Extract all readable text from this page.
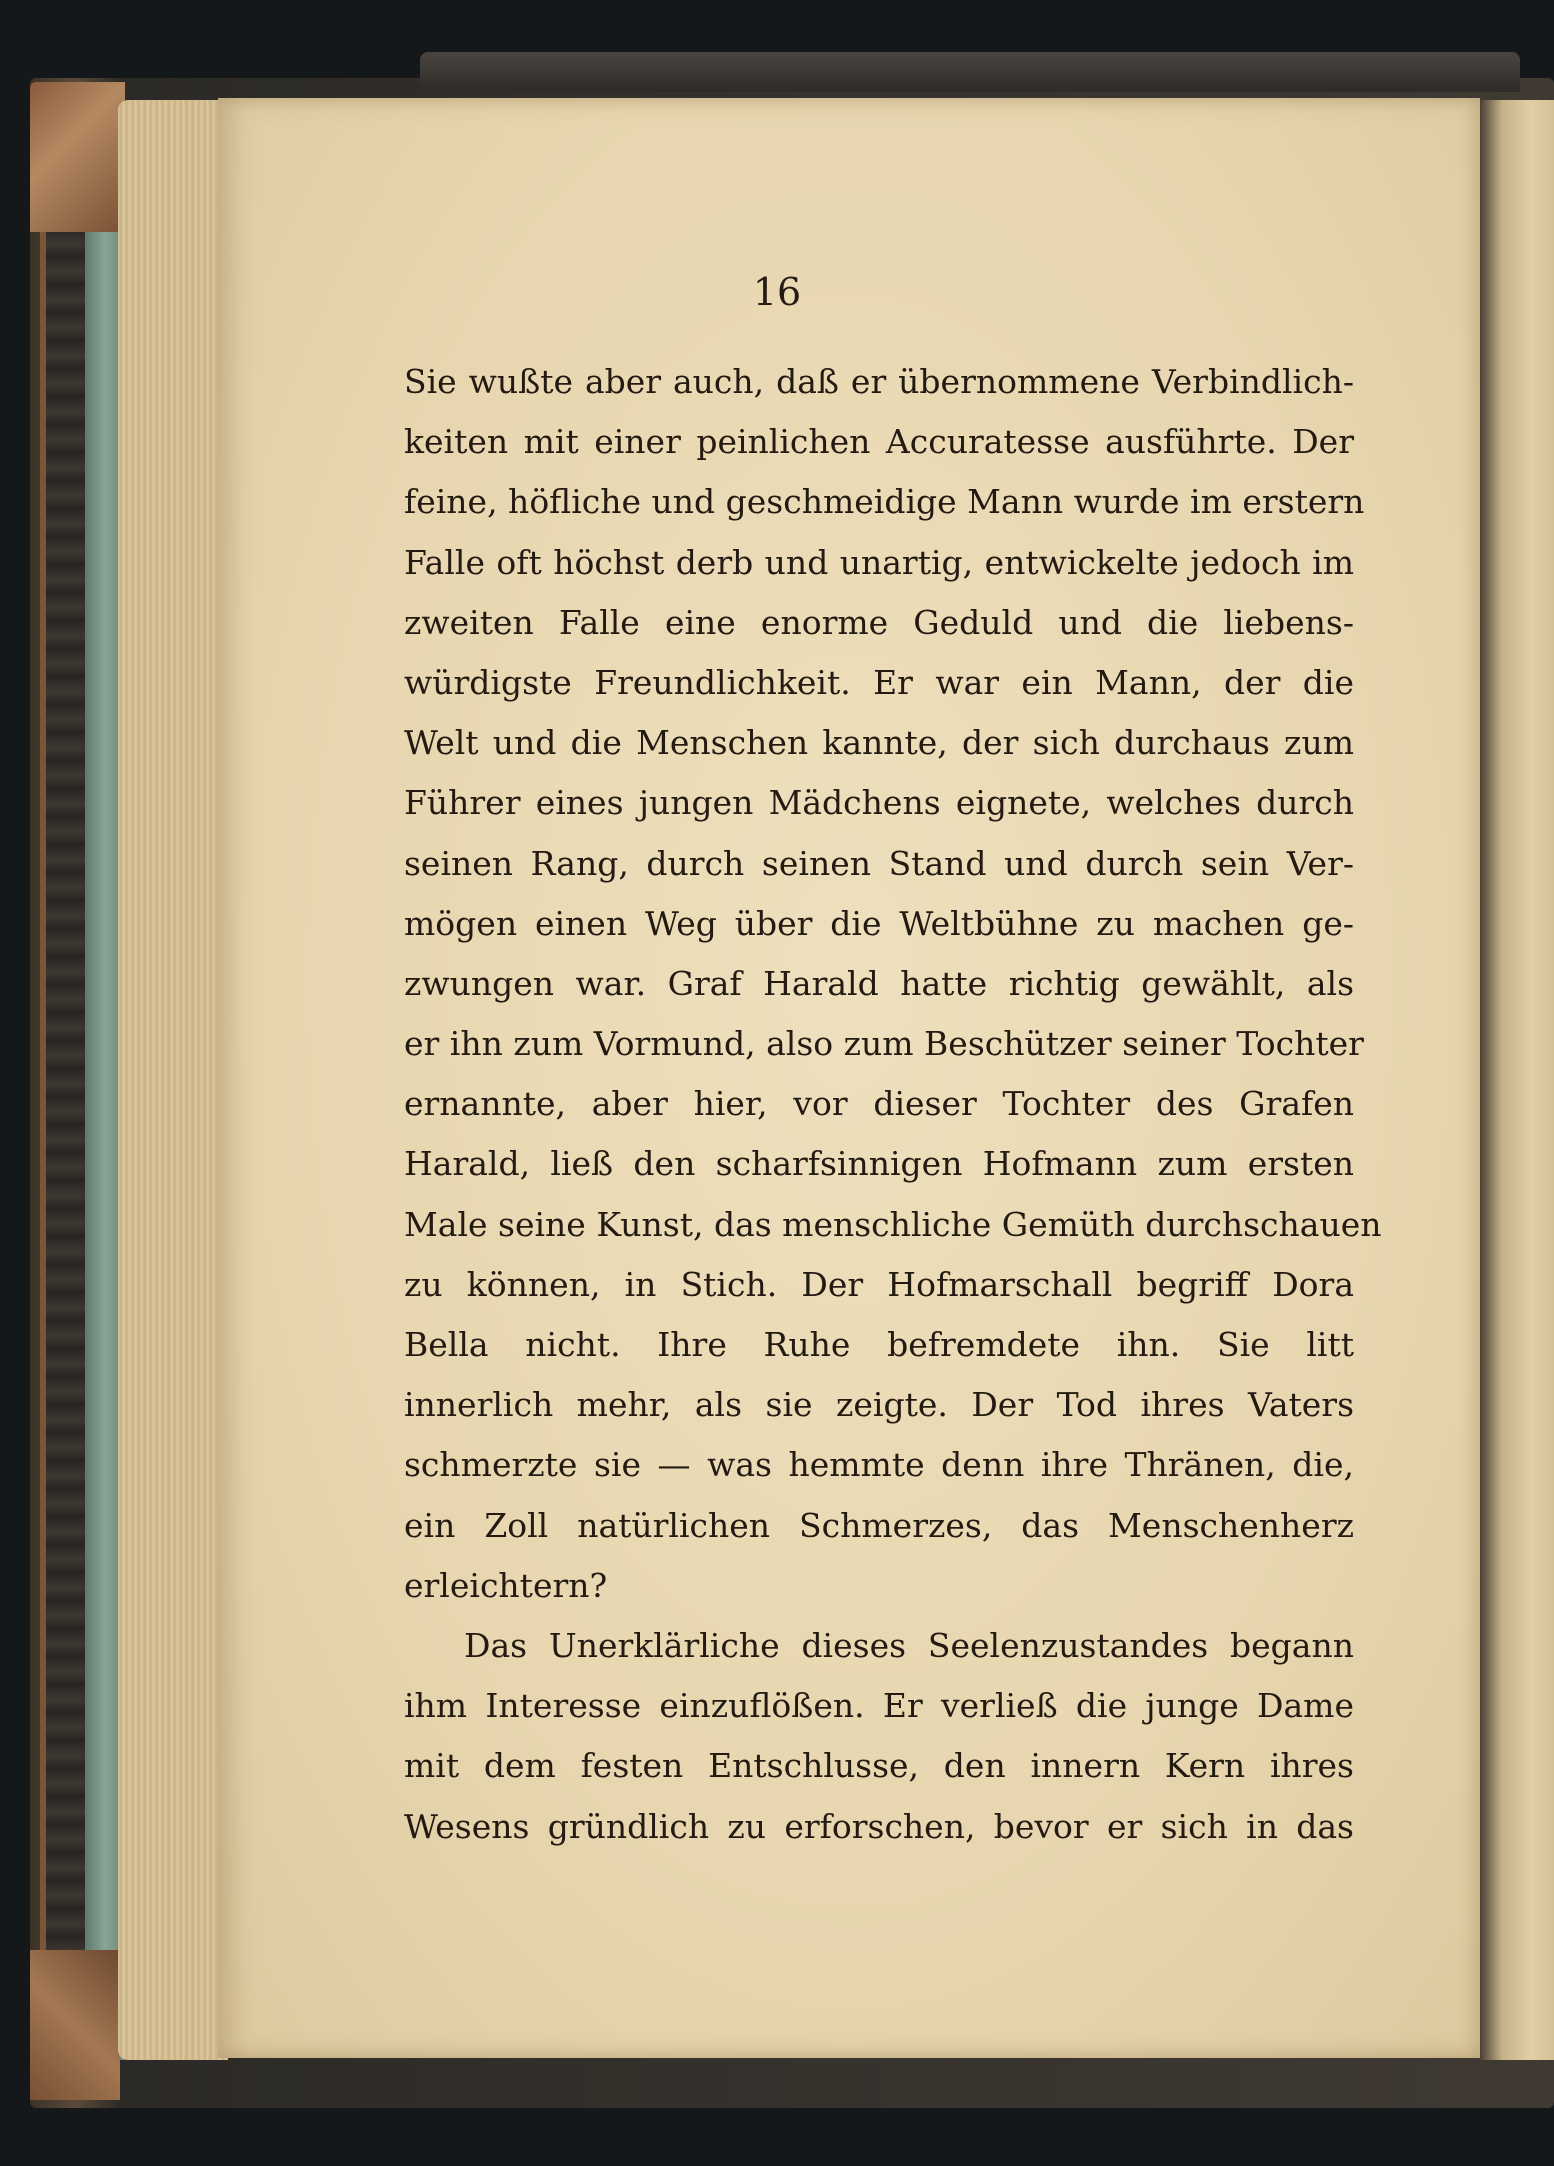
16
Sie wußte aber auch, daß er übernommene Verbindlich-
keiten mit einer peinlichen Accuratesse ausführte. Der
feine, höfliche und geschmeidige Mann wurde im erstern
Falle oft höchst derb und unartig, entwickelte jedoch im
zweiten Falle eine enorme Geduld und die liebens-
würdigste Freundlichkeit. Er war ein Mann, der die
Welt und die Menschen kannte, der sich durchaus zum
Führer eines jungen Mädchens eignete, welches durch
seinen Rang, durch seinen Stand und durch sein Ver-
mögen einen Weg über die Weltbühne zu machen ge-
zwungen war. Graf Harald hatte richtig gewählt, als
er ihn zum Vormund, also zum Beschützer seiner Tochter
ernannte, aber hier, vor dieser Tochter des Grafen
Harald, ließ den scharfsinnigen Hofmann zum ersten
Male seine Kunst, das menschliche Gemüth durchschauen
zu können, in Stich. Der Hofmarschall begriff Dora
Bella nicht. Ihre Ruhe befremdete ihn. Sie litt
innerlich mehr, als sie zeigte. Der Tod ihres Vaters
schmerzte sie — was hemmte denn ihre Thränen, die,
ein Zoll natürlichen Schmerzes, das Menschenherz
erleichtern?
Das Unerklärliche dieses Seelenzustandes begann
ihm Interesse einzuflößen. Er verließ die junge Dame
mit dem festen Entschlusse, den innern Kern ihres
Wesens gründlich zu erforschen, bevor er sich in das
